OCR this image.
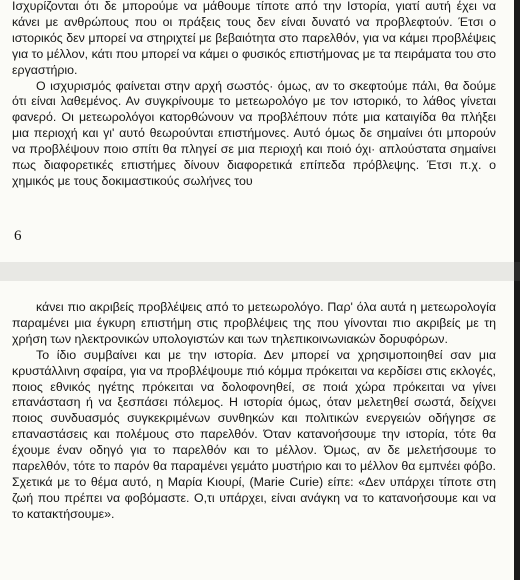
Ισχυρίζονται ότι δε μπορούμε να μάθουμε τίποτε από την Ιστορία, γιατί αυτή έχει να κάνει με ανθρώπους που οι πράξεις τους δεν είναι δυνατό να προβλεφτούν. Έτσι ο ιστορικός δεν μπορεί να στηριχτεί με βεβαιότητα στο παρελθόν, για να κάμει προβλέψεις για το μέλλον, κάτι που μπορεί να κάμει ο φυσικός επιστήμονας με τα πειράματα του στο εργαστήριο.

Ο ισχυρισμός φαίνεται στην αρχή σωστός· όμως, αν το σκεφτούμε πάλι, θα δούμε ότι είναι λαθεμένος. Αν συγκρίνουμε το μετεωρολόγο με τον ιστορικό, το λάθος γίνεται φανερό. Οι μετεωρολόγοι κατορθώνουν να προβλέπουν πότε μια καταιγίδα θα πλήξει μια περιοχή και γι' αυτό θεωρούνται επιστήμονες. Αυτό όμως δε σημαίνει ότι μπορούν να προβλέψουν ποιο σπίτι θα πληγεί σε μια περιοχή και ποιό όχι· απλούστατα σημαίνει πως διαφορετικές επιστήμες δίνουν διαφορετικά επίπεδα πρόβλεψης. Έτσι π.χ. ο χημικός με τους δοκιμαστικούς σωλήνες του

6

κάνει πιο ακριβείς προβλέψεις από το μετεωρολόγο. Παρ' όλα αυτά η μετεωρολογία παραμένει μια έγκυρη επιστήμη στις προβλέψεις της που γίνονται πιο ακριβείς με τη χρήση των ηλεκτρονικών υπολογιστών και των τηλεπικοινωνιακών δορυφόρων.

Το ίδιο συμβαίνει και με την ιστορία. Δεν μπορεί να χρησιμοποιηθεί σαν μια κρυστάλλινη σφαίρα, για να προβλέψουμε πιό κόμμα πρόκειται να κερδίσει στις εκλογές, ποιος εθνικός ηγέτης πρόκειται να δολοφονηθεί, σε ποιά χώρα πρόκειται να γίνει επανάσταση ή να ξεσπάσει πόλεμος. Η ιστορία όμως, όταν μελετηθεί σωστά, δείχνει ποιος συνδυασμός συγκεκριμένων συνθηκών και πολιτικών ενεργειών οδήγησε σε επαναστάσεις και πολέμους στο παρελθόν. Όταν κατανοήσουμε την ιστορία, τότε θα έχουμε έναν οδηγό για το παρελθόν και το μέλλον. Όμως, αν δε μελετήσουμε το παρελθόν, τότε το παρόν θα παραμένει γεμάτο μυστήριο και το μέλλον θα εμπνέει φόβο. Σχετικά με το θέμα αυτό, η Μαρία Κιουρί, (Marie Curie) είπε: «Δεν υπάρχει τίποτε στη ζωή που πρέπει να φοβόμαστε. Ο,τι υπάρχει, είναι ανάγκη να το κατανοήσουμε και να το κατακτήσουμε».
